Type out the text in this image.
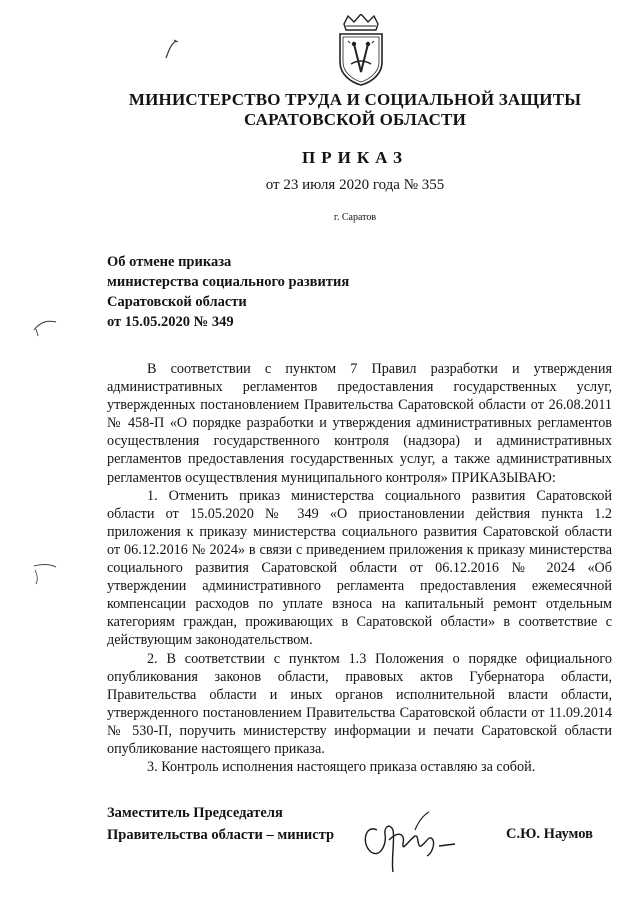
МИНИСТЕРСТВО ТРУДА И СОЦИАЛЬНОЙ ЗАЩИТЫ
САРАТОВСКОЙ ОБЛАСТИ
ПРИКАЗ
от 23 июля 2020 года № 355
г. Саратов
Об отмене приказа
министерства социального развития
Саратовской области
от 15.05.2020 № 349

В соответствии с пунктом 7 Правил разработки и утверждения административных регламентов предоставления государственных услуг, утвержденных постановлением Правительства Саратовской области от 26.08.2011 № 458-П «О порядке разработки и утверждения административных регламентов осуществления государственного контроля (надзора) и административных регламентов предоставления государственных услуг, а также административных регламентов осуществления муниципального контроля» ПРИКАЗЫВАЮ:

1. Отменить приказ министерства социального развития Саратовской области от 15.05.2020 № 349 «О приостановлении действия пункта 1.2 приложения к приказу министерства социального развития Саратовской области от 06.12.2016 № 2024» в связи с приведением приложения к приказу министерства социального развития Саратовской области от 06.12.2016 № 2024 «Об утверждении административного регламента предоставления ежемесячной компенсации расходов по уплате взноса на капитальный ремонт отдельным категориям граждан, проживающих в Саратовской области» в соответствие с действующим законодательством.

2. В соответствии с пунктом 1.3 Положения о порядке официального опубликования законов области, правовых актов Губернатора области, Правительства области и иных органов исполнительной власти области, утвержденного постановлением Правительства Саратовской области от 11.09.2014 № 530-П, поручить министерству информации и печати Саратовской области опубликование настоящего приказа.

3. Контроль исполнения настоящего приказа оставляю за собой.

Заместитель Председателя
Правительства области – министр	С.Ю. Наумов
